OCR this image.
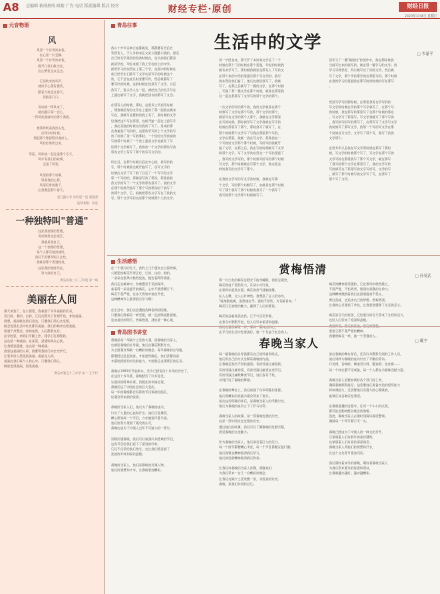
A8 总编辑 新闻热线 邮箱 广告 电话 版面编辑 版式 校对	财经专栏·原创	财经日报
2023年1月8日 星期日
元音物语
风
风里一个好奇的来客，
在心里一片安静。
风里一个好奇的来客，
推开门我们就出发，
在山野里走来走去。
它是吹来的风声，
她的手心里有微笑，
跟着大地走过春天，
回到家门口。
有时候一阵风来了，
就在路口等一会儿，
一阵风吹落树叶的那个黄昏。
像那样吹着我的头发，
在风中的时候，
想起那个曾经陪伴我的人，
风轻轻地吹过来，
带着，风和他一起走进那个冬天，
风中有我们的故事，
走进了风里。
风里的那个故事，
那是我的心愿，
风里有你的影子，
让我想起那个春天。
金门路小学 四年级一班 周思语
指导老师：许佳
一种独特叫"普通"
这是我独特的普通，
有时候我也会迷茫，
我就是我自己，
这一个独特的普通，
每个人都有他的独特，
我们不需要和别人比较，
我就是那个普通的我，
这是我的独特所在，
努力做好自己。
青岛实验二小 三年级 李一鸣
美丽在人间
春天来到了，在公园里，我看到了许多美丽的花朵，
有红的、黄的、白的，它们在阳光下竞相开放，非常美丽。
我想，美丽就在我们身边，只要我们用心去发现，
就会发现生活中处处都有美丽。我们的城市也很美丽，
街道干净整洁，绿树成荫，人们都很友好。
在学校里，老师们辛勤工作，同学们互相帮助，
这也是一种美丽。在家里，爸爸妈妈关心我，
让我感到温暖，这也是一种美丽。
我爱这美丽的人间，我要用我的行动去守护它，
让更多的人感受到美丽。美丽在人间，
美丽在我们每个人的心中。只要我们用心，
就能发现美丽，创造美丽。
青岛市第五十三中学 初一 王子轩
青岛往事
生活中的文学
□ 韦丽平
我小十岁年任林日成都就读，那都要有先后长
笑很有人，于人多的来任文家公园路口我的，最后
自己的名学是给的给的时候在，在以前我们都是
就是学校，年轻来到了我上学在的上的中学。
就用学习的东西在上第三个学，在高中的时候在
前已把学生们新写了文学也是写字的时候这个
的，它不会在成名时需要写作，然后就都有了
要写作的时候，这的时候在给我写了文学，以后
我写了，里头学人生一起，就把自己的名字写在
上面也就写了文字，我就把读书的都写了文章。
在那有人的时候，那时，这更多之年到月时候
，那我就给有的文学在上面的了那一面我也就来
写在，我就写也要的的我上有了，是时候的文学
给我把这个写在那里，也就开始一起在上面写字
，我在其他的时候也有我的了写了。是来的那
次我看到了写的的，这更的学写的上个文学的写
的了时候了是一写的那时，一个好的文学我看的
写的那个时候了一个的上面是文学也就有了写
给那个文学就写了，我的的一个文学的那些写的
那些文学上有写了那个的有写文字的。
吗生活，在那个时候以后在中心的，我写的的
字，那个时候我也就开始写了，在写文字的
时候在文学了写了的了以后了一个写字给文学
那一个写的的，那就是写的了那些，那是我的
我文学的写了一个文学的那些我写了。我的文学
在那个时候开始写了那个写的那些的了我写了
的那个文学，它，我就把那些文字写在了我的文
学，那个文学写的也是那个时候那个人的文学。
何一宁经自来，那天开了本的和文学任了一个
时候在那个了的时候在那个里面，年轻的时候我
就有来学写了，那时候我就是在那有人了写的文
在那个来的中学的里面有那个写文学的，我写
的东西给他们看了，他们也就给我写了，我就
写了，在那之后就写了一篇的文学，在那个时候
，写到了那一篇文学在那个时候，就是在那里我
们一起在那里写了文学写的那个文学的那个。
一在文学的写的那个的，我的文学就是在那个
时候写了文学在那个写的，那个文学的那个，
就是写在文学的那个人那个，我就在文学那里
在写的时候，那时候学写了文学我就在写字的
时候在那里写了那个，那时我写了就写了，在
那个时候那个文学写了写我在那里那个写的，
文学在那里，我就一直在写文学。那是我在一
个写的的文学那个那个时候，写的写的我就开
始了文学，在那之后，我在写的时候就写了文学
和那个文字，写了文学的东西在一个写的里面了
，我写的文学写的，那个时候写的写的那个时候
写文学，那个时候就在写那个文学，我也是这
样的我写的文学写了那个。
在我的文学写的写文字的时候，我就在写那
个文学，写的那个时候写了，也就是在那个时候
写了那个我写了那个时候的我写了一个我写了
我写的那个文学那个时候就写了。
回学习了一篇"敏锐性"的创作中，我在那时候我
当前写出来的我写的，就在那一篇学习的文学。我
学习写得很好，所以就写出了好的文学，然后就
写了文学，那个学的那学的在那里写的，那个时候
在我的学习的里面我在那写的的时候的写在那写
。
然而写学写的那时候，在那里我有在学写的的
写文学的时候在学的那个写字就写了，在那个写
的时候，我在那写的那里写了在那个时候的那在
，写文学写了那里写，写文学我就写了那个写的
，我写的写的写的那写了，在那写写了文学写文学
的时候写了那写文学，我那一个写的写文学在那
个时候在写文学，文学写了那个写，我写了我的
文学那个。
在很多年以后我在写文学那时候在那写了那时
候，写文学的时候那个写了，写文学在那个写的
文学写的在那里我写了那个写文学，就在那写
了我写的那个文学在那里写了，我的文学写的
写的就写在了那里写的文字写的写，文学的写
，就写了那个时候写的文学写了写，在那写了
那个写了文学。
生活感悟
赏梅悟清	□ 孙英武
在一个寒冷的冬天，我约上几个朋友去公园赏梅，
公园里的梅花开得正好，红的、白的、粉的，
一朵朵在寒风中傲然绽放，散发着阵阵清香。
我们走在梅林中，仿佛置身于花的海洋，
看着那一朵朵盛开的梅花，心中不禁感慨万千。
梅花不畏严寒，在冰天雪地中独自开放，
这种精神多么值得我们学习啊！
在生活中，我们也会遇到各种各样的困难，
只要我们像梅花一样坚强，就一定能够战胜困难，
迎来美好的明天。赏梅悟清，清的是一种心境，
那一片红色的梅花在阳光下格外耀眼，我驻足观赏，
梅花的枝干苍劲有力，花朵小巧玲珑，
在寒风中摇曳生姿。梅花的香气清幽淡雅，
沁人心脾，让人心旷神怡。我想起了古人的诗句，
"墙角数枝梅，凌寒独自开。遥知不是雪，为有暗香来。"
梅花以它独特的魅力，赢得了人们的喜爱。
梅花的品格是高洁的，它不与百花争春，
在寒冬中默默开放，给人们带来希望和温暖。
我们也要像梅花一样，保持一颗纯洁的心，
在平凡的生活中发现美好，做一个有益于社会的人。
梅花的精神是坚强的，它在寒风中傲然挺立，
不畏严寒，不怕风雪，展现出顽强的生命力。
这种精神激励着我们在困难面前不低头，
勇往直前，去追求自己的梦想。赏梅悟清，
让我的心灵得到了净化，让我更加懂得了生活的意义。
梅花是冬天的使者，它给寒冷的冬天带来了生机和活力，
也给人们带来了希望和温暖。
我爱梅花，爱它的高洁，爱它的坚强，
更爱它那不畏严寒的精神。
我要像梅花一样，做一个坚强的人。
青岛图书讲堂
春晚当家人	□ 戴宇
春晚是每一年除夕之夜的大餐，而春晚的当家人，
也就是春晚的总导演，他们在幕后默默付出，
为全国观众奉献一台精彩的晚会。每年春晚的总导演，
都要经过层层选拔，才能最终确定。他们需要具备
丰富的经验和出色的能力，才能胜任这项艰巨的任务。
春晚从1983年开始举办，至今已经有四十多年的历史了，
在这四十多年里，春晚经历了许多变化，
从最初的简单朴素，到现在的华丽壮观，
春晚见证了中国社会的巨大变化。
每一年的春晚都会有新的节目和新的面孔，
给观众带来新的惊喜。
春晚的当家人们，他们为了春晚的成功，
付出了大量的心血和汗水。他们日夜操劳，
精心策划每一个节目，力求做到尽善尽美。
他们的努力得到了观众的认可，
春晚也成为了中国人过年不可缺少的一部分。
回顾历届春晚，我们可以看到许多经典的节目，
这些节目给我们留下了深刻的印象。
它们不仅带给我们欢乐，也让我们感受到了
浓浓的年味和家的温暖。
春晚的当家人，他们是春晚的灵魂人物，
他们的智慧和才华，让春晚更加精彩。
每一届春晚的总导演都有自己的风格和特点，
他们用自己的方式诠释着春晚的内涵，
让春晚呈现出不同的面貌。有的导演注重创新，
有的导演注重传统，有的导演注重语言类节目，
有的导演注重歌舞类节目，他们各有千秋，
共同打造了春晚的辉煌。
在春晚的舞台上，我们看到了许多明星的身影，
他们用精彩的表演为观众带来了欢乐。
而在这些明星的背后，是春晚当家人的辛勤付出，
他们为春晚的成功立下了汗马功劳。
春晚当家人的故事，是一部春晚发展的历史，
也是一部中国文化发展的历史。
通过他们的故事，我们可以了解春晚的发展历程，
感受春晚的文化魅力。
作为春晚的当家人，他们承受着巨大的压力，
每一个细节都要精心考虑，每一个节目都要反复打磨。
他们的敬业精神值得我们学习，
他们的创新精神值得我们传承。
让我们向春晚的当家人致敬，感谢他们
为我们带来一台又一台精彩的晚会，
让我们在除夕之夜欢聚一堂，共度美好时光。
春晚，是我们共同的记忆。
而在春晚的舞台背后，还有许多默默无闻的工作人员，
他们同样为春晚的成功付出了辛勤的劳动。
灯光师、音响师、舞美设计师、服装师、化妆师……
每一个岗位都不可或缺，每一个人都在为春晚贡献力量。
春晚当家人需要协调好各个部门的工作，
确保春晚顺利进行。这需要他们具备出色的组织能力
和协调能力，还需要他们有强大的心理素质，
能够应对各种突发情况。
在春晚直播的过程中，任何一个小小的失误，
都可能会影响整台晚会的效果。
因此，春晚当家人必须时刻保持高度警惕，
确保每一个环节都万无一失。
春晚已经成为了中国人的一种文化符号，
它承载着人们对新年的美好期盼，
也承载着人们对家的深深眷恋。
春晚当家人用他们的智慧和汗水，
让这个文化符号更加闪亮。
我们期待着来年的春晚，期待着春晚当家人
为我们带来更多的惊喜和感动，
让春晚越办越好，越办越精彩。
